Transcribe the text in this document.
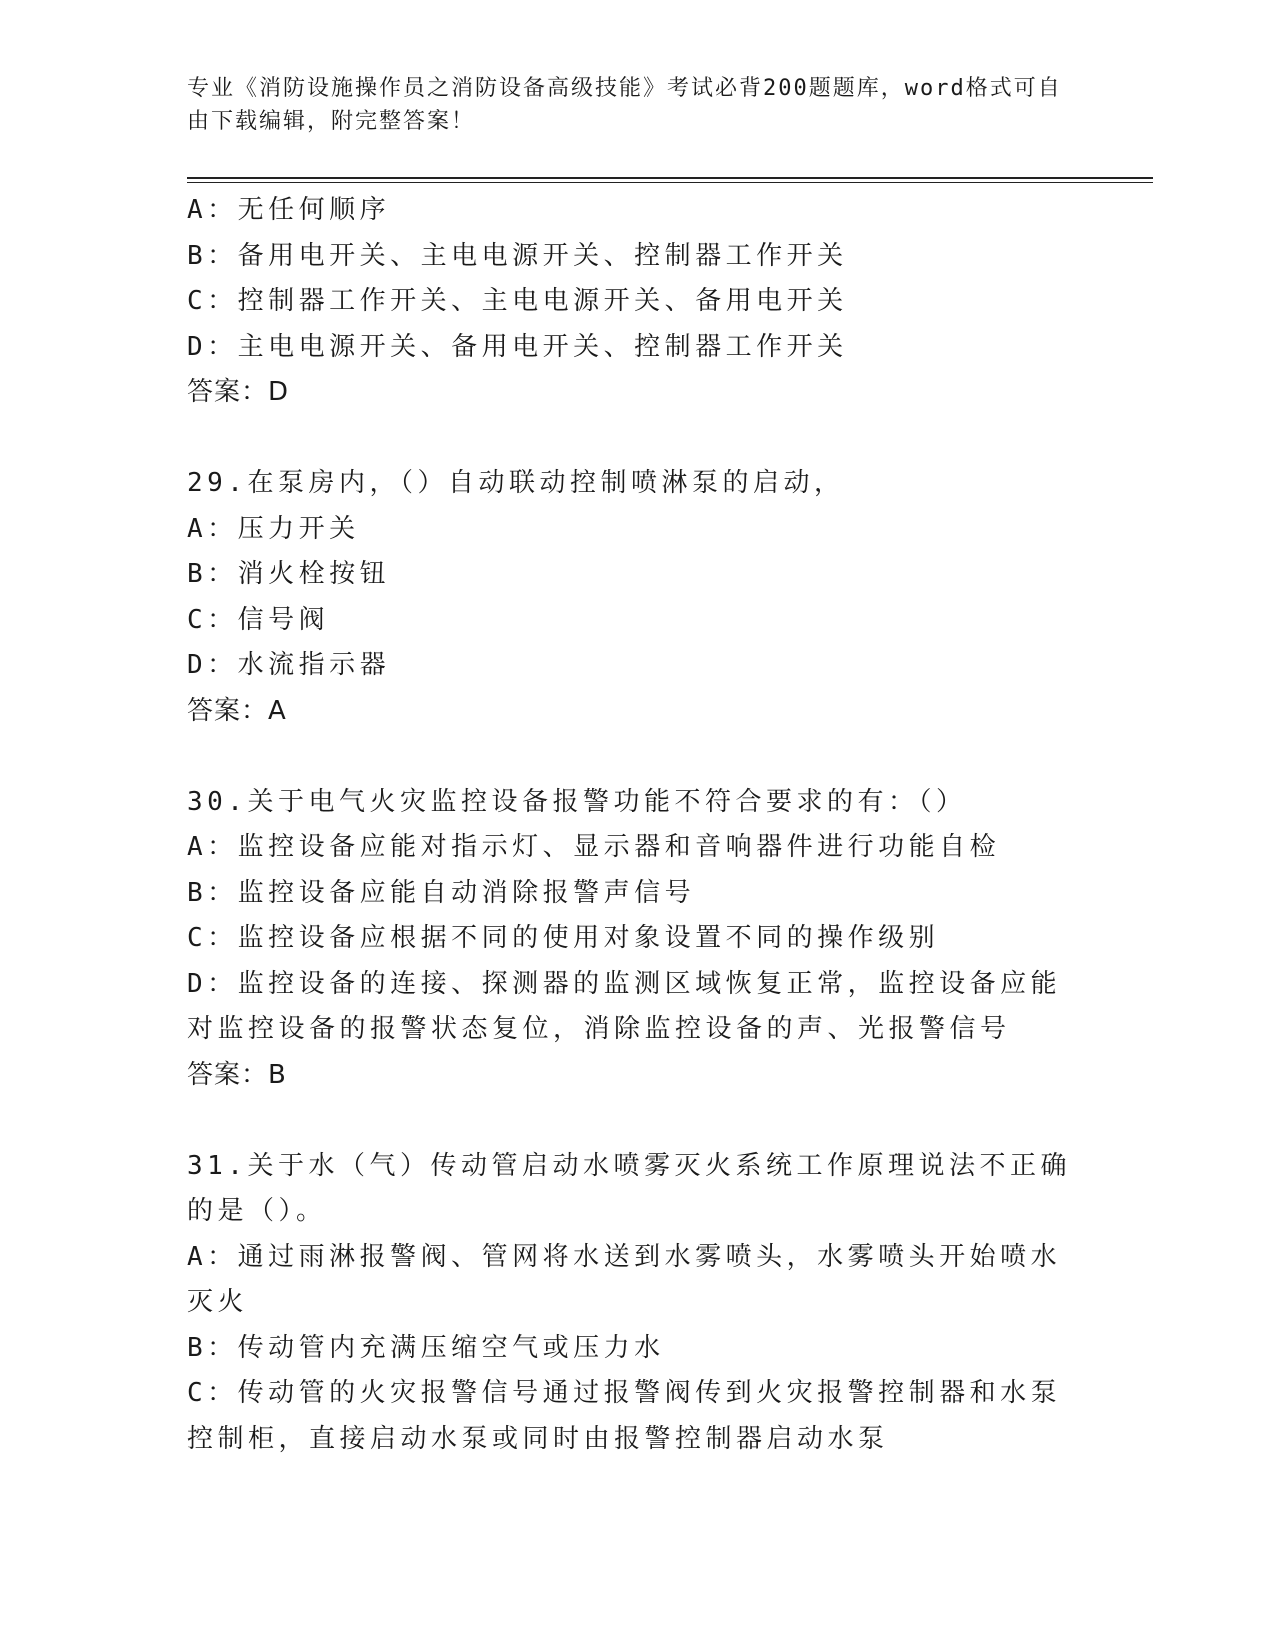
专业《消防设施操作员之消防设备高级技能》考试必背200题题库，word格式可自由下载编辑，附完整答案！
A：无任何顺序
B：备用电开关、主电电源开关、控制器工作开关
C：控制器工作开关、主电电源开关、备用电开关
D：主电电源开关、备用电开关、控制器工作开关
答案：D
29.在泵房内，（）自动联动控制喷淋泵的启动，
A：压力开关
B：消火栓按钮
C：信号阀
D：水流指示器
答案：A
30.关于电气火灾监控设备报警功能不符合要求的有：（）
A：监控设备应能对指示灯、显示器和音响器件进行功能自检
B：监控设备应能自动消除报警声信号
C：监控设备应根据不同的使用对象设置不同的操作级别
D：监控设备的连接、探测器的监测区域恢复正常，监控设备应能对监控设备的报警状态复位，消除监控设备的声、光报警信号
答案：B
31.关于水（气）传动管启动水喷雾灭火系统工作原理说法不正确的是（）。
A：通过雨淋报警阀、管网将水送到水雾喷头，水雾喷头开始喷水灭火
B：传动管内充满压缩空气或压力水
C：传动管的火灾报警信号通过报警阀传到火灾报警控制器和水泵控制柜，直接启动水泵或同时由报警控制器启动水泵
